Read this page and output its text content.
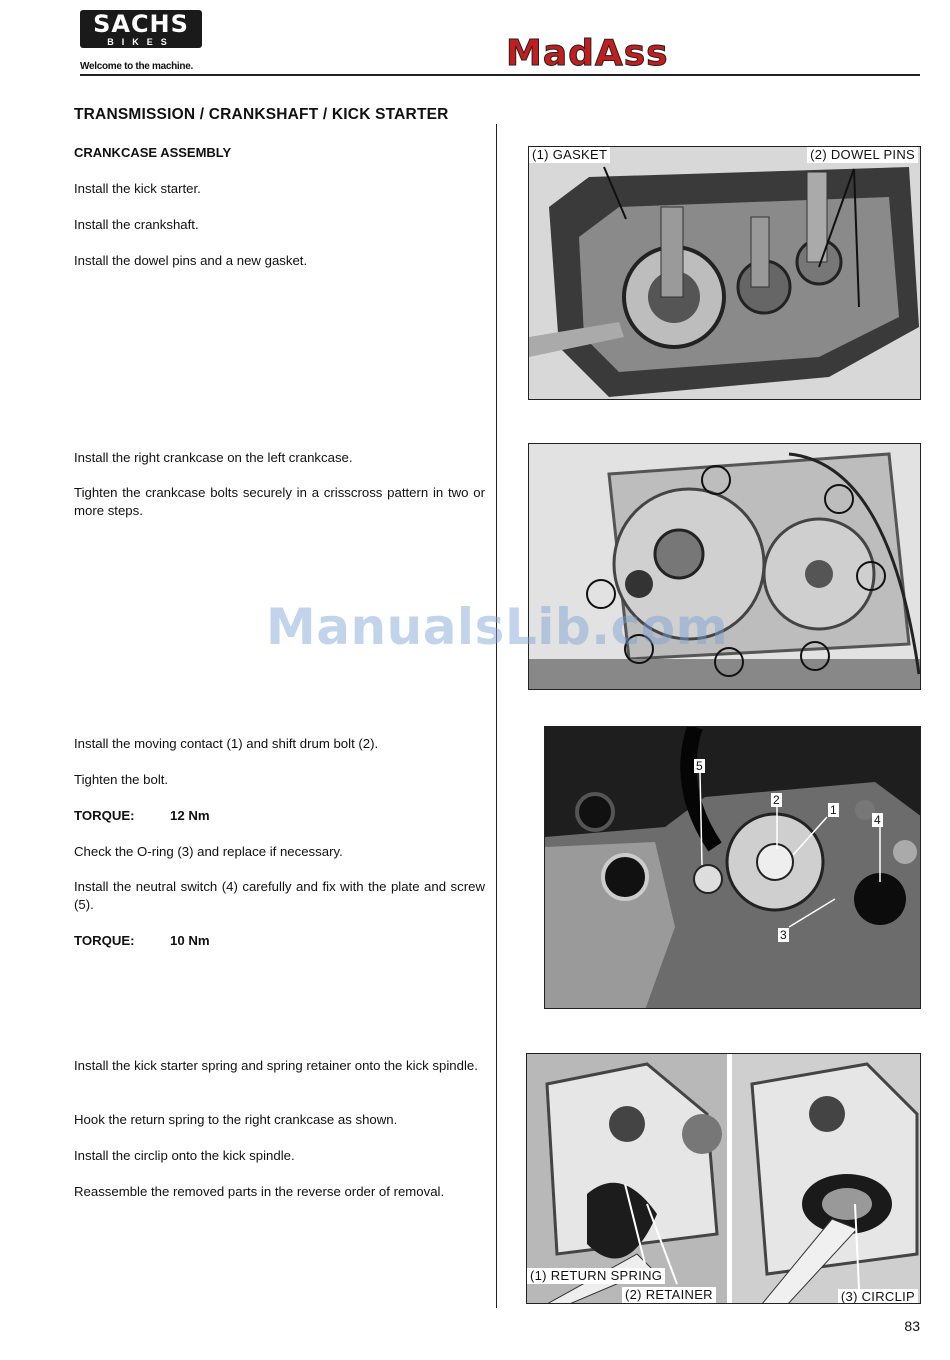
SACHS
BIKES
Welcome to the machine.	MadAss
TRANSMISSION / CRANKSHAFT / KICK STARTER
CRANKCASE ASSEMBLY

Install the kick starter.

Install the crankshaft.

Install the dowel pins and a new gasket.

Install the right crankcase on the left crankcase.

Tighten the crankcase bolts securely in a crisscross pattern in two or more steps.

Install the moving contact (1) and shift drum bolt (2).

Tighten the bolt.

TORQUE:	12 Nm

Check the O-ring (3) and replace if necessary.

Install the neutral switch (4) carefully and fix with the plate and screw (5).

TORQUE:	10 Nm

Install the kick starter spring and spring retainer onto the kick spindle.

Hook the return spring to the right crankcase as shown.

Install the circlip onto the kick spindle.

Reassemble the removed parts in the reverse order of removal.

(1) GASKET	(2) DOWEL PINS
5
2
1
4
3
(1) RETURN SPRING
(2) RETAINER	(3) CIRCLIP
ManualsLib.com
83
